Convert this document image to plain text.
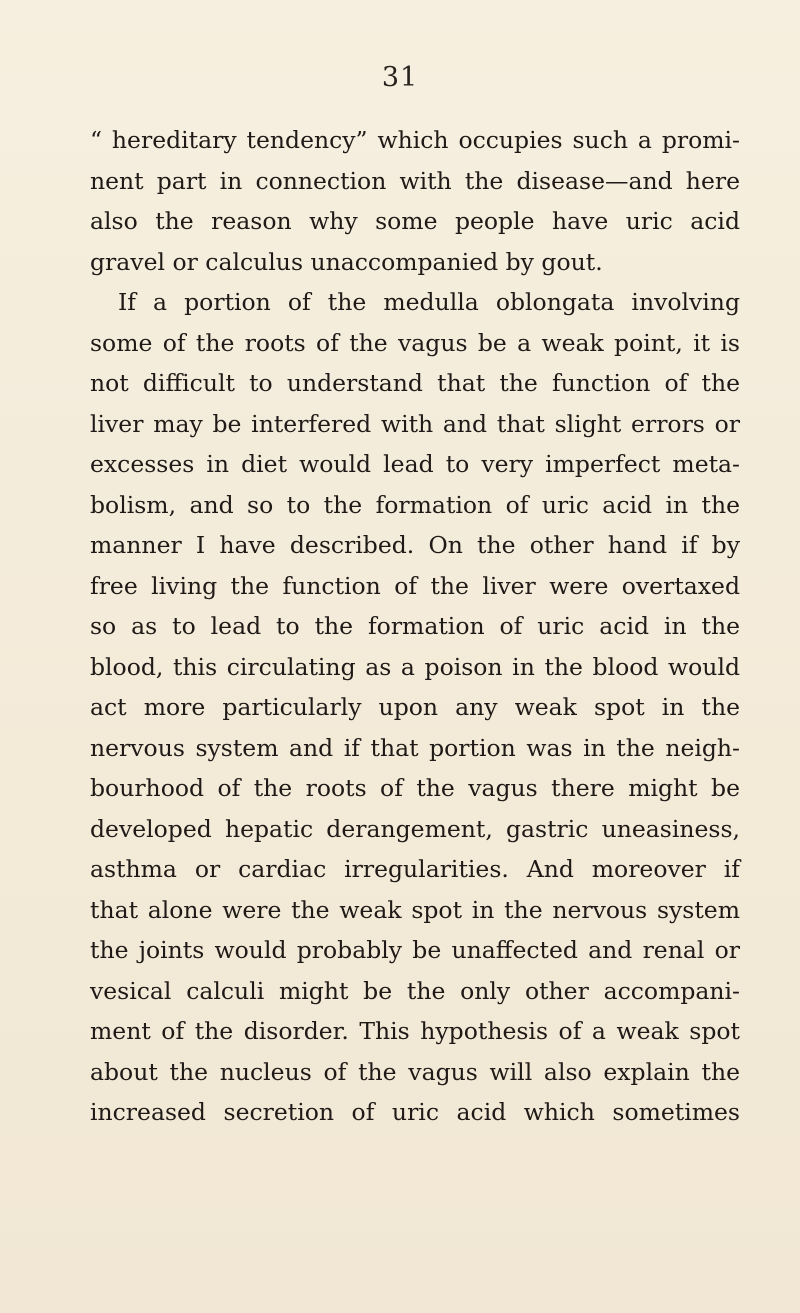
31
“ hereditary tendency” which occupies such a promi-
nent part in connection with the disease—and here
also the reason why some people have uric acid
gravel or calculus unaccompanied by gout.
If a portion of the medulla oblongata involving
some of the roots of the vagus be a weak point, it is
not difficult to understand that the function of the
liver may be interfered with and that slight errors or
excesses in diet would lead to very imperfect meta-
bolism, and so to the formation of uric acid in the
manner I have described. On the other hand if by
free living the function of the liver were overtaxed
so as to lead to the formation of uric acid in the
blood, this circulating as a poison in the blood would
act more particularly upon any weak spot in the
nervous system and if that portion was in the neigh-
bourhood of the roots of the vagus there might be
developed hepatic derangement, gastric uneasiness,
asthma or cardiac irregularities. And moreover if
that alone were the weak spot in the nervous system
the joints would probably be unaffected and renal or
vesical calculi might be the only other accompani-
ment of the disorder. This hypothesis of a weak spot
about the nucleus of the vagus will also explain the
increased secretion of uric acid which sometimes
